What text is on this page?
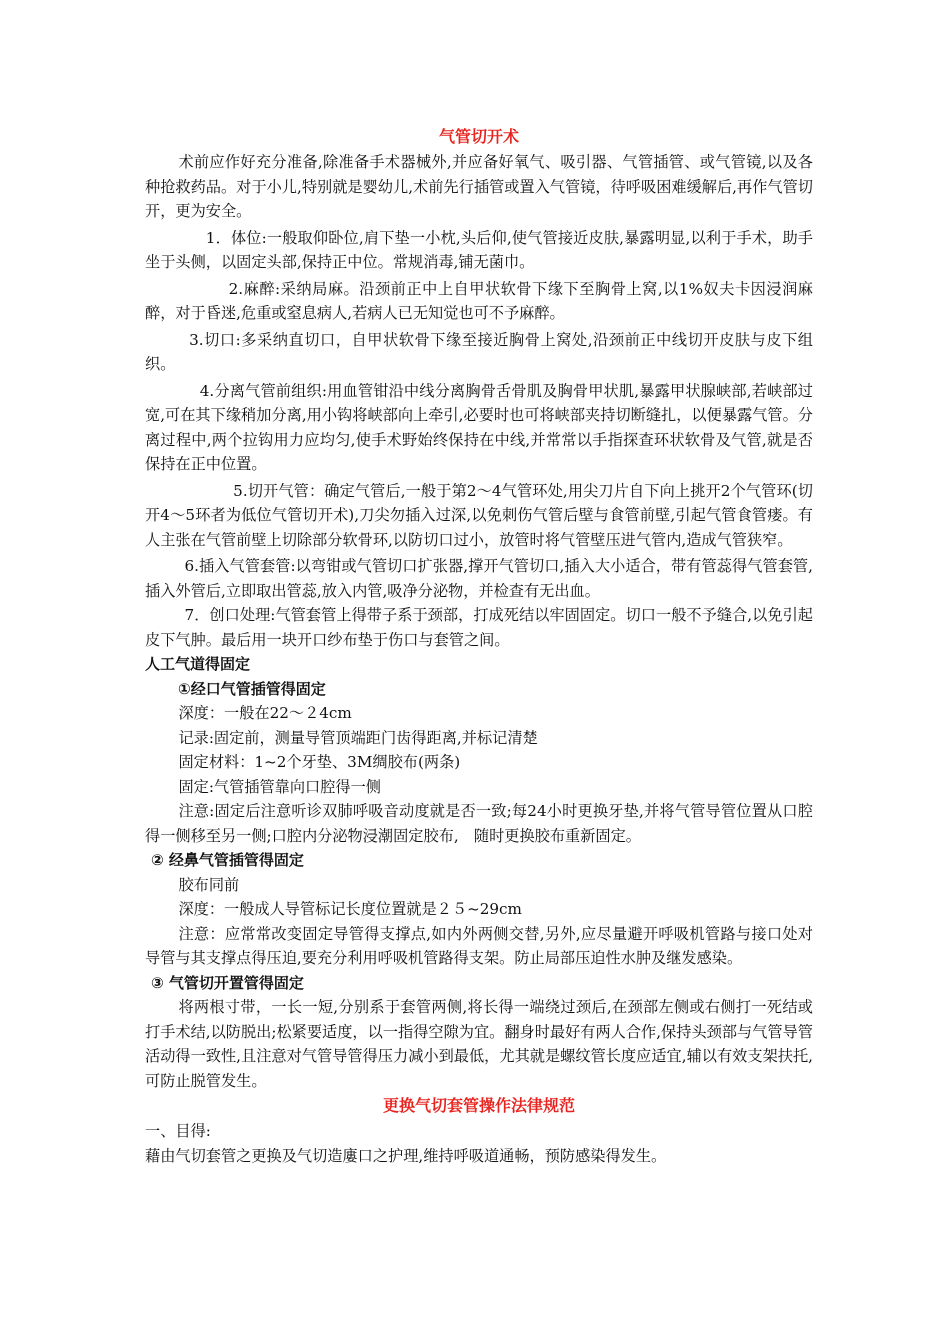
气管切开术

术前应作好充分准备,除准备手术器械外,并应备好氧气、吸引器、气管插管、或气管镜,以及各种抢救药品。对于小儿,特别就是婴幼儿,术前先行插管或置入气管镜，待呼吸困难缓解后,再作气管切开，更为安全。

1．体位:一般取仰卧位,肩下垫一小枕,头后仰,使气管接近皮肤,暴露明显,以利于手术，助手坐于头侧，以固定头部,保持正中位。常规消毒,铺无菌巾。

2.麻醉:采纳局麻。沿颈前正中上自甲状软骨下缘下至胸骨上窝,以1%奴夫卡因浸润麻醉，对于昏迷,危重或窒息病人,若病人已无知觉也可不予麻醉。

3.切口:多采纳直切口，自甲状软骨下缘至接近胸骨上窝处,沿颈前正中线切开皮肤与皮下组织。

4.分离气管前组织:用血管钳沿中线分离胸骨舌骨肌及胸骨甲状肌,暴露甲状腺峡部,若峡部过宽,可在其下缘稍加分离,用小钩将峡部向上牵引,必要时也可将峡部夹持切断缝扎，以便暴露气管。分离过程中,两个拉钩用力应均匀,使手术野始终保持在中线,并常常以手指探查环状软骨及气管,就是否保持在正中位置。

5.切开气管：确定气管后,一般于第2～4气管环处,用尖刀片自下向上挑开2个气管环(切开4～5环者为低位气管切开术),刀尖勿插入过深,以免刺伤气管后壁与食管前壁,引起气管食管瘘。有人主张在气管前壁上切除部分软骨环,以防切口过小，放管时将气管壁压进气管内,造成气管狭窄。

6.插入气管套管:以弯钳或气管切口扩张器,撑开气管切口,插入大小适合，带有管蕊得气管套管,插入外管后,立即取出管蕊,放入内管,吸净分泌物，并检查有无出血。

7．创口处理:气管套管上得带子系于颈部，打成死结以牢固固定。切口一般不予缝合,以免引起皮下气肿。最后用一块开口纱布垫于伤口与套管之间。

人工气道得固定

①经口气管插管得固定

深度：一般在22～２4cm

记录:固定前，测量导管顶端距门齿得距离,并标记清楚

固定材料：1~2个牙垫、3M绸胶布(两条)

固定:气管插管靠向口腔得一侧

注意:固定后注意听诊双肺呼吸音动度就是否一致;每24小时更换牙垫,并将气管导管位置从口腔得一侧移至另一侧;口腔内分泌物浸潮固定胶布,　随时更换胶布重新固定。

② 经鼻气管插管得固定

胶布同前

深度：一般成人导管标记长度位置就是２５~29cm

注意：应常常改变固定导管得支撑点,如内外两侧交替,另外,应尽量避开呼吸机管路与接口处对导管与其支撑点得压迫,要充分利用呼吸机管路得支架。防止局部压迫性水肿及继发感染。

③ 气管切开置管得固定

将两根寸带，一长一短,分别系于套管两侧,将长得一端绕过颈后,在颈部左侧或右侧打一死结或打手术结,以防脱出;松紧要适度，以一指得空隙为宜。翻身时最好有两人合作,保持头颈部与气管导管活动得一致性,且注意对气管导管得压力减小到最低，尤其就是螺纹管长度应适宜,辅以有效支架扶托,可防止脱管发生。

更换气切套管操作法律规范

一、目得:

藉由气切套管之更换及气切造廔口之护理,维持呼吸道通畅，预防感染得发生。
